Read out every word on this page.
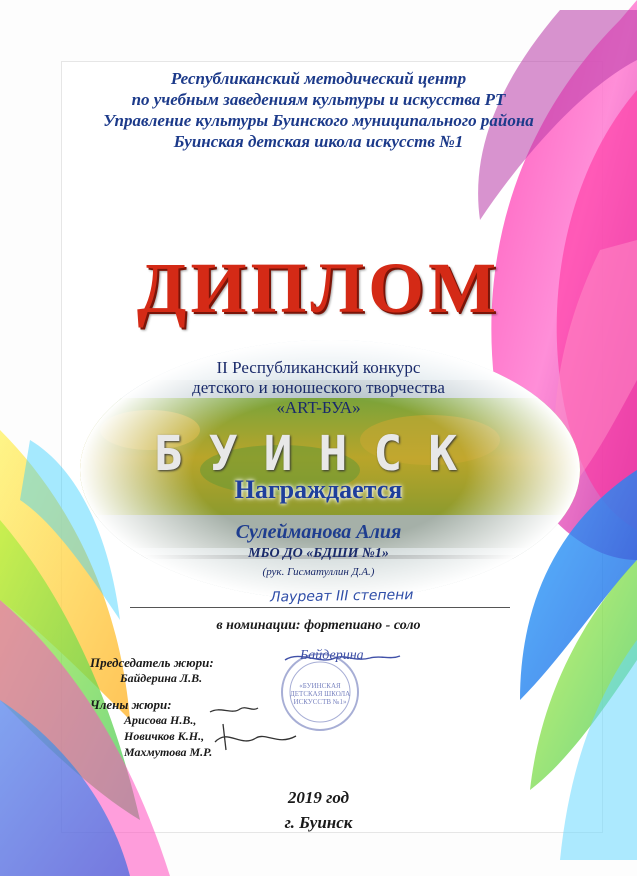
Республиканский методический центр

по учебным заведениям культуры и искусства РТ

Управление культуры Буинского муниципального района

Буинская детская школа искусств №1

ДИПЛОМ

II Республиканский конкурс

детского и юношеского творчества

«ART-БУА»

БУИНСК

Награждается

Сулейманова Алия

МБО ДО «БДШИ №1»

(рук. Гисматуллин Д.А.)

Лауреат III степени

в номинации: фортепиано - соло

Председатель жюри:
Байдерина Л.В.
Члены жюри:
Арисова Н.В.,
Новичков К.Н.,
Махмутова М.Р.
Байдерина
«БУИНСКАЯ
ДЕТСКАЯ ШКОЛА
ИСКУССТВ №1»

2019 год

г. Буинск
